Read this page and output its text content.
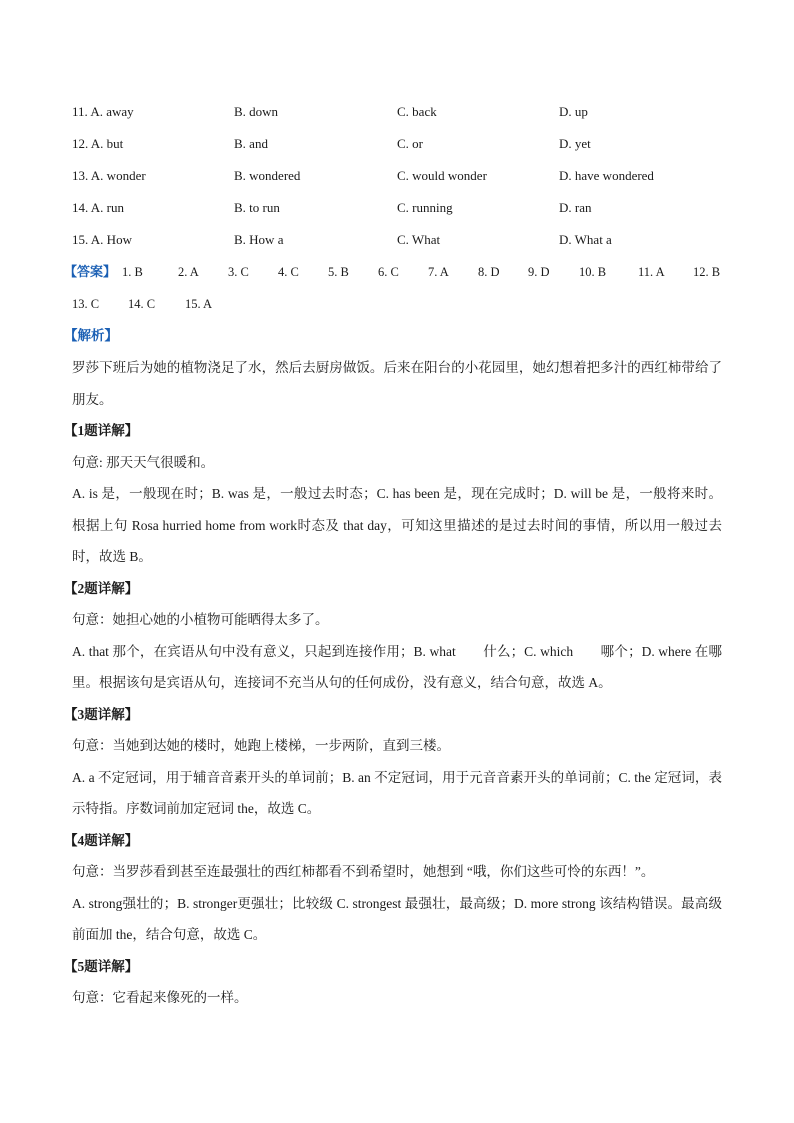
11. A. away	B. down	C. back	D. up
12. A. but	B. and	C. or	D. yet
13. A. wonder	B. wondered	C. would wonder	D. have wondered
14. A. run	B. to run	C. running	D. ran
15. A. How	B. How a	C. What	D. What a
【答案】 1. B	2. A 3. C 4. C 5. B 6. C 7. A 8. D 9. D 10. B	11. A 12. B
13. C 14. C 15. A
【解析】

罗莎下班后为她的植物浇足了水，然后去厨房做饭。后来在阳台的小花园里，她幻想着把多汁的西红柿带给了朋友。

【1题详解】

句意: 那天天气很暖和。

A. is 是，一般现在时；B. was 是，一般过去时态；C. has been 是，现在完成时；D. will be 是，一般将来时。根据上句 Rosa hurried home from work时态及 that day，可知这里描述的是过去时间的事情，所以用一般过去时，故选 B。

【2题详解】

句意：她担心她的小植物可能晒得太多了。

A. that 那个，在宾语从句中没有意义，只起到连接作用；B. what　　什么；C. which　　哪个；D. where 在哪里。根据该句是宾语从句，连接词不充当从句的任何成份，没有意义，结合句意，故选 A。

【3题详解】

句意：当她到达她的楼时，她跑上楼梯，一步两阶，直到三楼。

A. a 不定冠词，用于辅音音素开头的单词前；B. an 不定冠词，用于元音音素开头的单词前；C. the 定冠词，表示特指。序数词前加定冠词 the，故选 C。

【4题详解】

句意：当罗莎看到甚至连最强壮的西红柿都看不到希望时，她想到 “哦，你们这些可怜的东西！”。

A. strong强壮的；B. stronger更强壮；比较级 C. strongest 最强壮，最高级；D. more strong 该结构错误。最高级前面加 the，结合句意，故选 C。

【5题详解】

句意：它看起来像死的一样。
